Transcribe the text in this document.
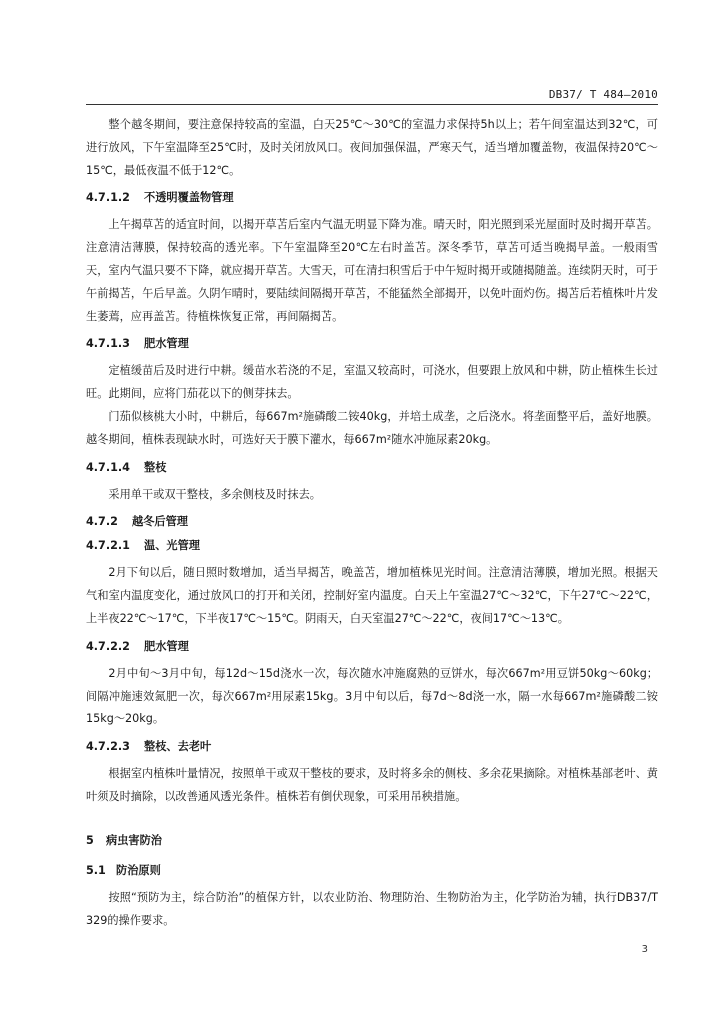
DB37/ T 484—2010

整个越冬期间，要注意保持较高的室温，白天25℃～30℃的室温力求保持5h以上；若午间室温达到32℃，可进行放风，下午室温降至25℃时，及时关闭放风口。夜间加强保温，严寒天气，适当增加覆盖物，夜温保持20℃～15℃，最低夜温不低于12℃。

4.7.1.2 不透明覆盖物管理

上午揭草苫的适宜时间，以揭开草苫后室内气温无明显下降为准。晴天时，阳光照到采光屋面时及时揭开草苫。注意清洁薄膜，保持较高的透光率。下午室温降至20℃左右时盖苫。深冬季节，草苫可适当晚揭早盖。一般雨雪天，室内气温只要不下降，就应揭开草苫。大雪天，可在清扫积雪后于中午短时揭开或随揭随盖。连续阴天时，可于午前揭苫，午后早盖。久阴乍晴时，要陆续间隔揭开草苫，不能猛然全部揭开，以免叶面灼伤。揭苫后若植株叶片发生萎蔫，应再盖苫。待植株恢复正常，再间隔揭苫。

4.7.1.3 肥水管理

定植缓苗后及时进行中耕。缓苗水若浇的不足，室温又较高时，可浇水，但要跟上放风和中耕，防止植株生长过旺。此期间，应将门茄花以下的侧芽抹去。

门茄似核桃大小时，中耕后，每667m²施磷酸二铵40kg，并培土成垄，之后浇水。将垄面整平后，盖好地膜。越冬期间，植株表现缺水时，可选好天于膜下灌水，每667m²随水冲施尿素20kg。

4.7.1.4 整枝

采用单干或双干整枝，多余侧枝及时抹去。

4.7.2 越冬后管理
4.7.2.1 温、光管理

2月下旬以后，随日照时数增加，适当早揭苫，晚盖苫，增加植株见光时间。注意清洁薄膜，增加光照。根据天气和室内温度变化，通过放风口的打开和关闭，控制好室内温度。白天上午室温27℃～32℃，下午27℃～22℃，上半夜22℃～17℃，下半夜17℃～15℃。阴雨天，白天室温27℃～22℃，夜间17℃～13℃。

4.7.2.2 肥水管理

2月中旬～3月中旬，每12d～15d浇水一次，每次随水冲施腐熟的豆饼水，每次667m²用豆饼50kg～60kg；间隔冲施速效氮肥一次，每次667m²用尿素15kg。3月中旬以后，每7d～8d浇一水，隔一水每667m²施磷酸二铵15kg～20kg。

4.7.2.3 整枝、去老叶

根据室内植株叶量情况，按照单干或双干整枝的要求，及时将多余的侧枝、多余花果摘除。对植株基部老叶、黄叶须及时摘除，以改善通风透光条件。植株若有倒伏现象，可采用吊秧措施。

5 病虫害防治
5.1 防治原则

按照“预防为主，综合防治”的植保方针，以农业防治、物理防治、生物防治为主，化学防治为辅，执行DB37/T 329的操作要求。

3
